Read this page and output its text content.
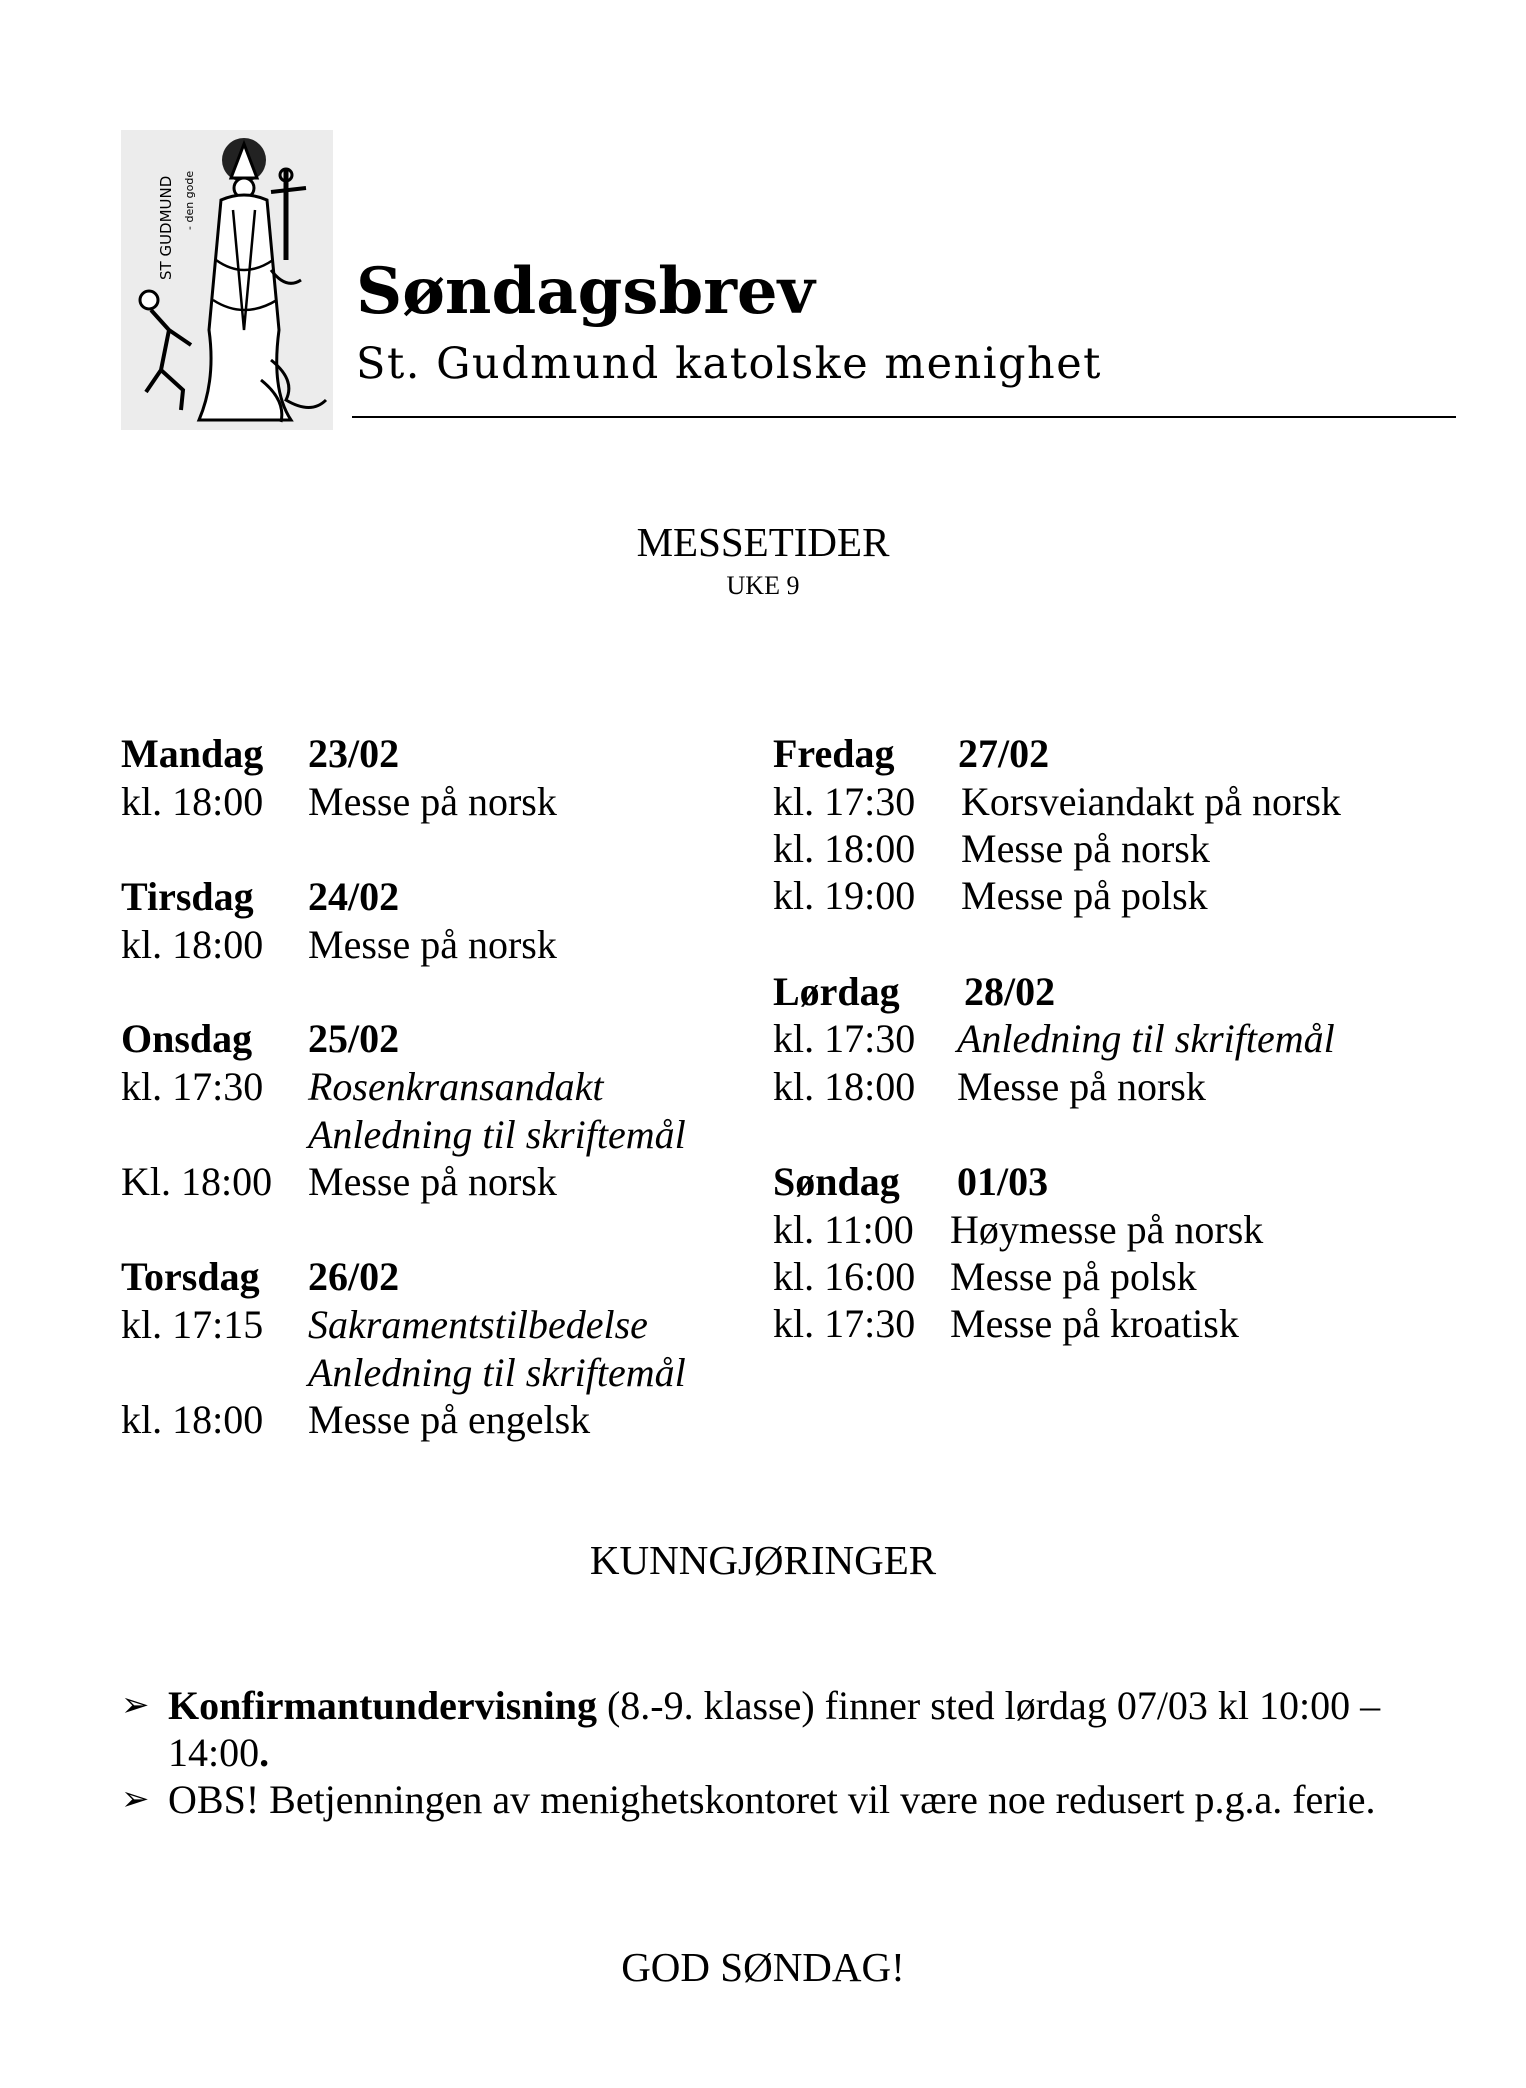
ST GUDMUND - den gode
Søndagsbrev
St. Gudmund katolske menighet
MESSETIDER
UKE 9
Mandag 23/02
kl. 18:00 Messe på norsk
Tirsdag 24/02
kl. 18:00 Messe på norsk
Onsdag 25/02
kl. 17:30 Rosenkransandakt
Anledning til skriftemål
Kl. 18:00 Messe på norsk
Torsdag 26/02
kl. 17:15 Sakramentstilbedelse
Anledning til skriftemål
kl. 18:00 Messe på engelsk
Fredag 27/02
kl. 17:30 Korsveiandakt på norsk
kl. 18:00 Messe på norsk
kl. 19:00 Messe på polsk
Lørdag 28/02
kl. 17:30 Anledning til skriftemål
kl. 18:00 Messe på norsk
Søndag 01/03
kl. 11:00 Høymesse på norsk
kl. 16:00 Messe på polsk
kl. 17:30 Messe på kroatisk
KUNNGJØRINGER
➢ Konfirmantundervisning (8.-9. klasse) finner sted lørdag 07/03 kl 10:00 –
14:00.
➢ OBS! Betjenningen av menighetskontoret vil være noe redusert p.g.a. ferie.
GOD SØNDAG!
